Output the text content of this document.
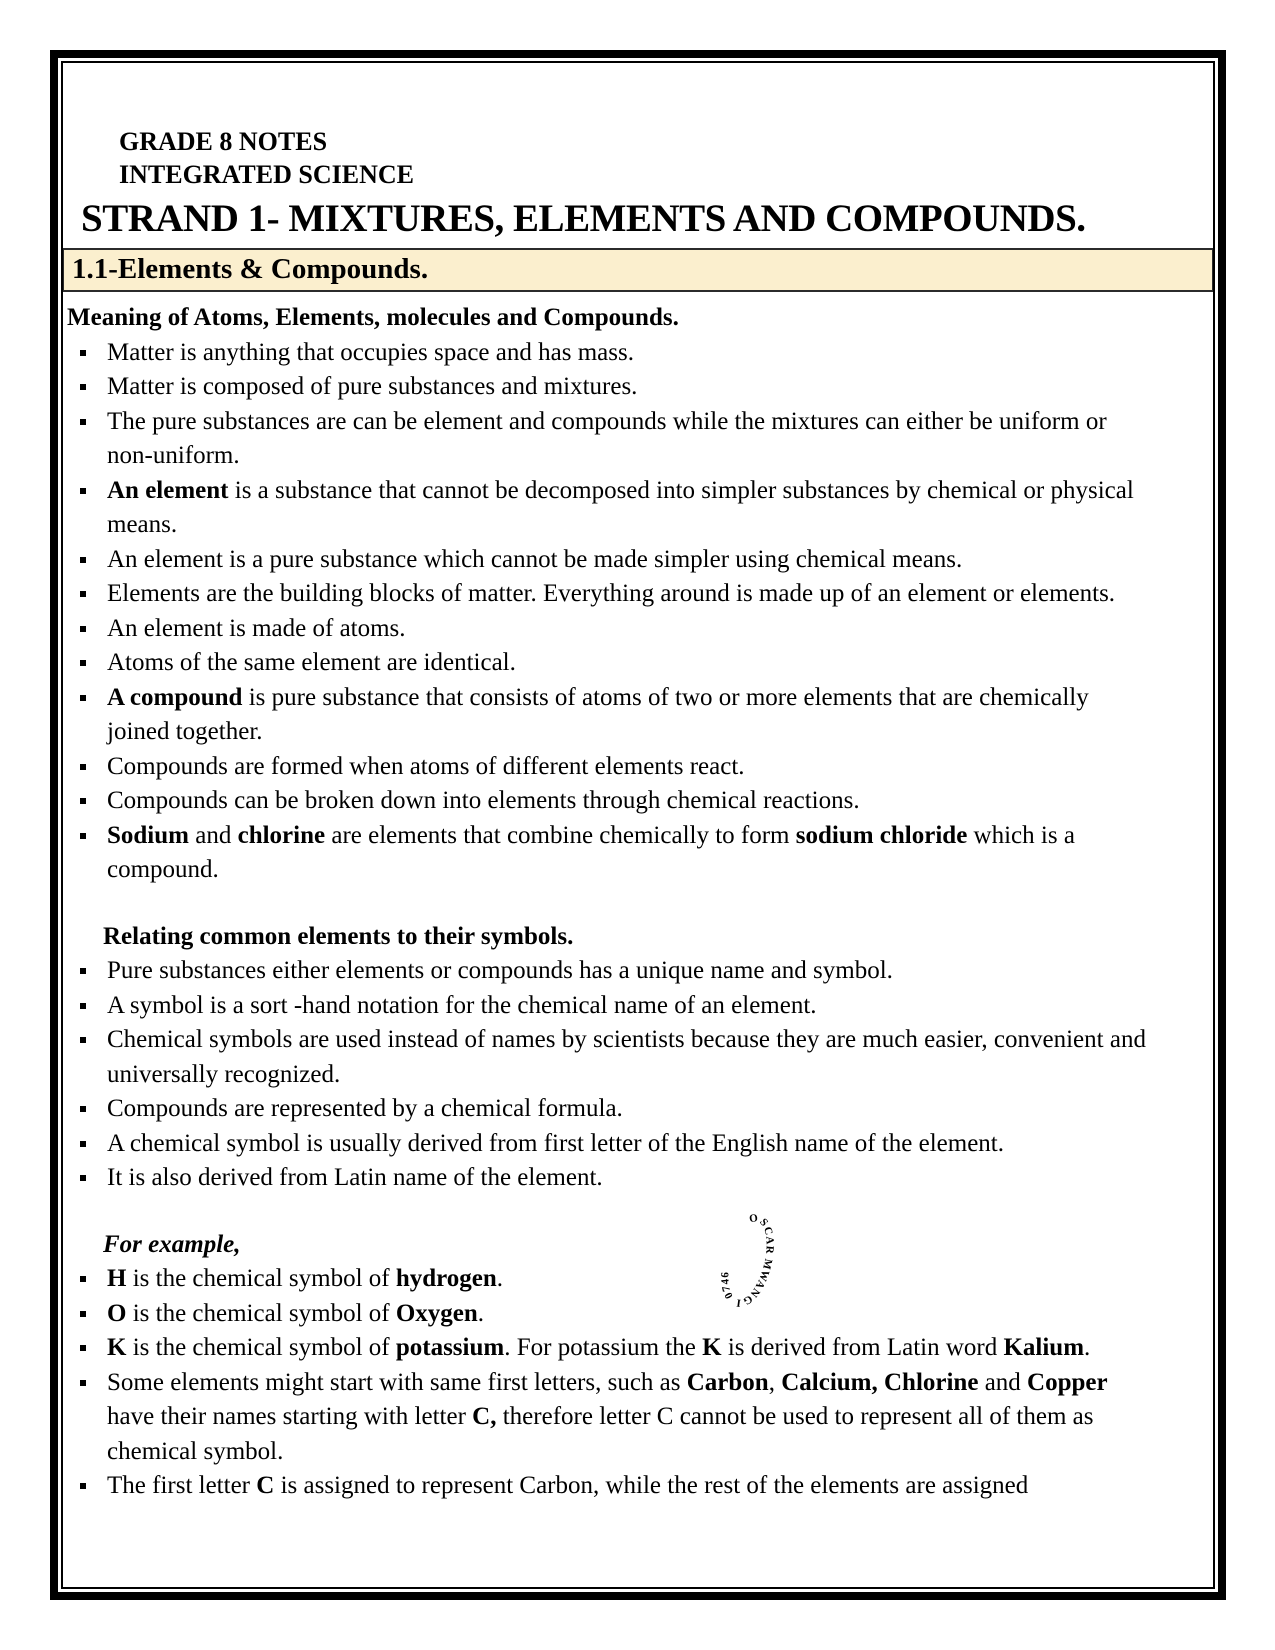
GRADE 8 NOTES
INTEGRATED SCIENCE
STRAND 1- MIXTURES, ELEMENTS AND COMPOUNDS.
1.1-Elements & Compounds.
Meaning of Atoms, Elements, molecules and Compounds.
Matter is anything that occupies space and has mass.
Matter is composed of pure substances and mixtures.
The pure substances are can be element and compounds while the mixtures can either be uniform or non-uniform.
An element is a substance that cannot be decomposed into simpler substances by chemical or physical means.
An element is a pure substance which cannot be made simpler using chemical means.
Elements are the building blocks of matter. Everything around is made up of an element or elements.
An element is made of atoms.
Atoms of the same element are identical.
A compound is pure substance that consists of atoms of two or more elements that are chemically joined together.
Compounds are formed when atoms of different elements react.
Compounds can be broken down into elements through chemical reactions.
Sodium and chlorine are elements that combine chemically to form sodium chloride which is a compound.
Relating common elements to their symbols.
Pure substances either elements or compounds has a unique name and symbol.
A symbol is a sort -hand notation for the chemical name of an element.
Chemical symbols are used instead of names by scientists because they are much easier, convenient and universally recognized.
Compounds are represented by a chemical formula.
A chemical symbol is usually derived from first letter of the English name of the element.
It is also derived from Latin name of the element.
For example,
H is the chemical symbol of hydrogen.
O is the chemical symbol of Oxygen.
K is the chemical symbol of potassium. For potassium the K is derived from Latin word Kalium.
Some elements might start with same first letters, such as Carbon, Calcium, Chlorine and Copper have their names starting with letter C, therefore letter C cannot be used to represent all of them as chemical symbol.
The first letter C is assigned to represent Carbon, while the rest of the elements are assigned
OSCAR MWANGI 0746
